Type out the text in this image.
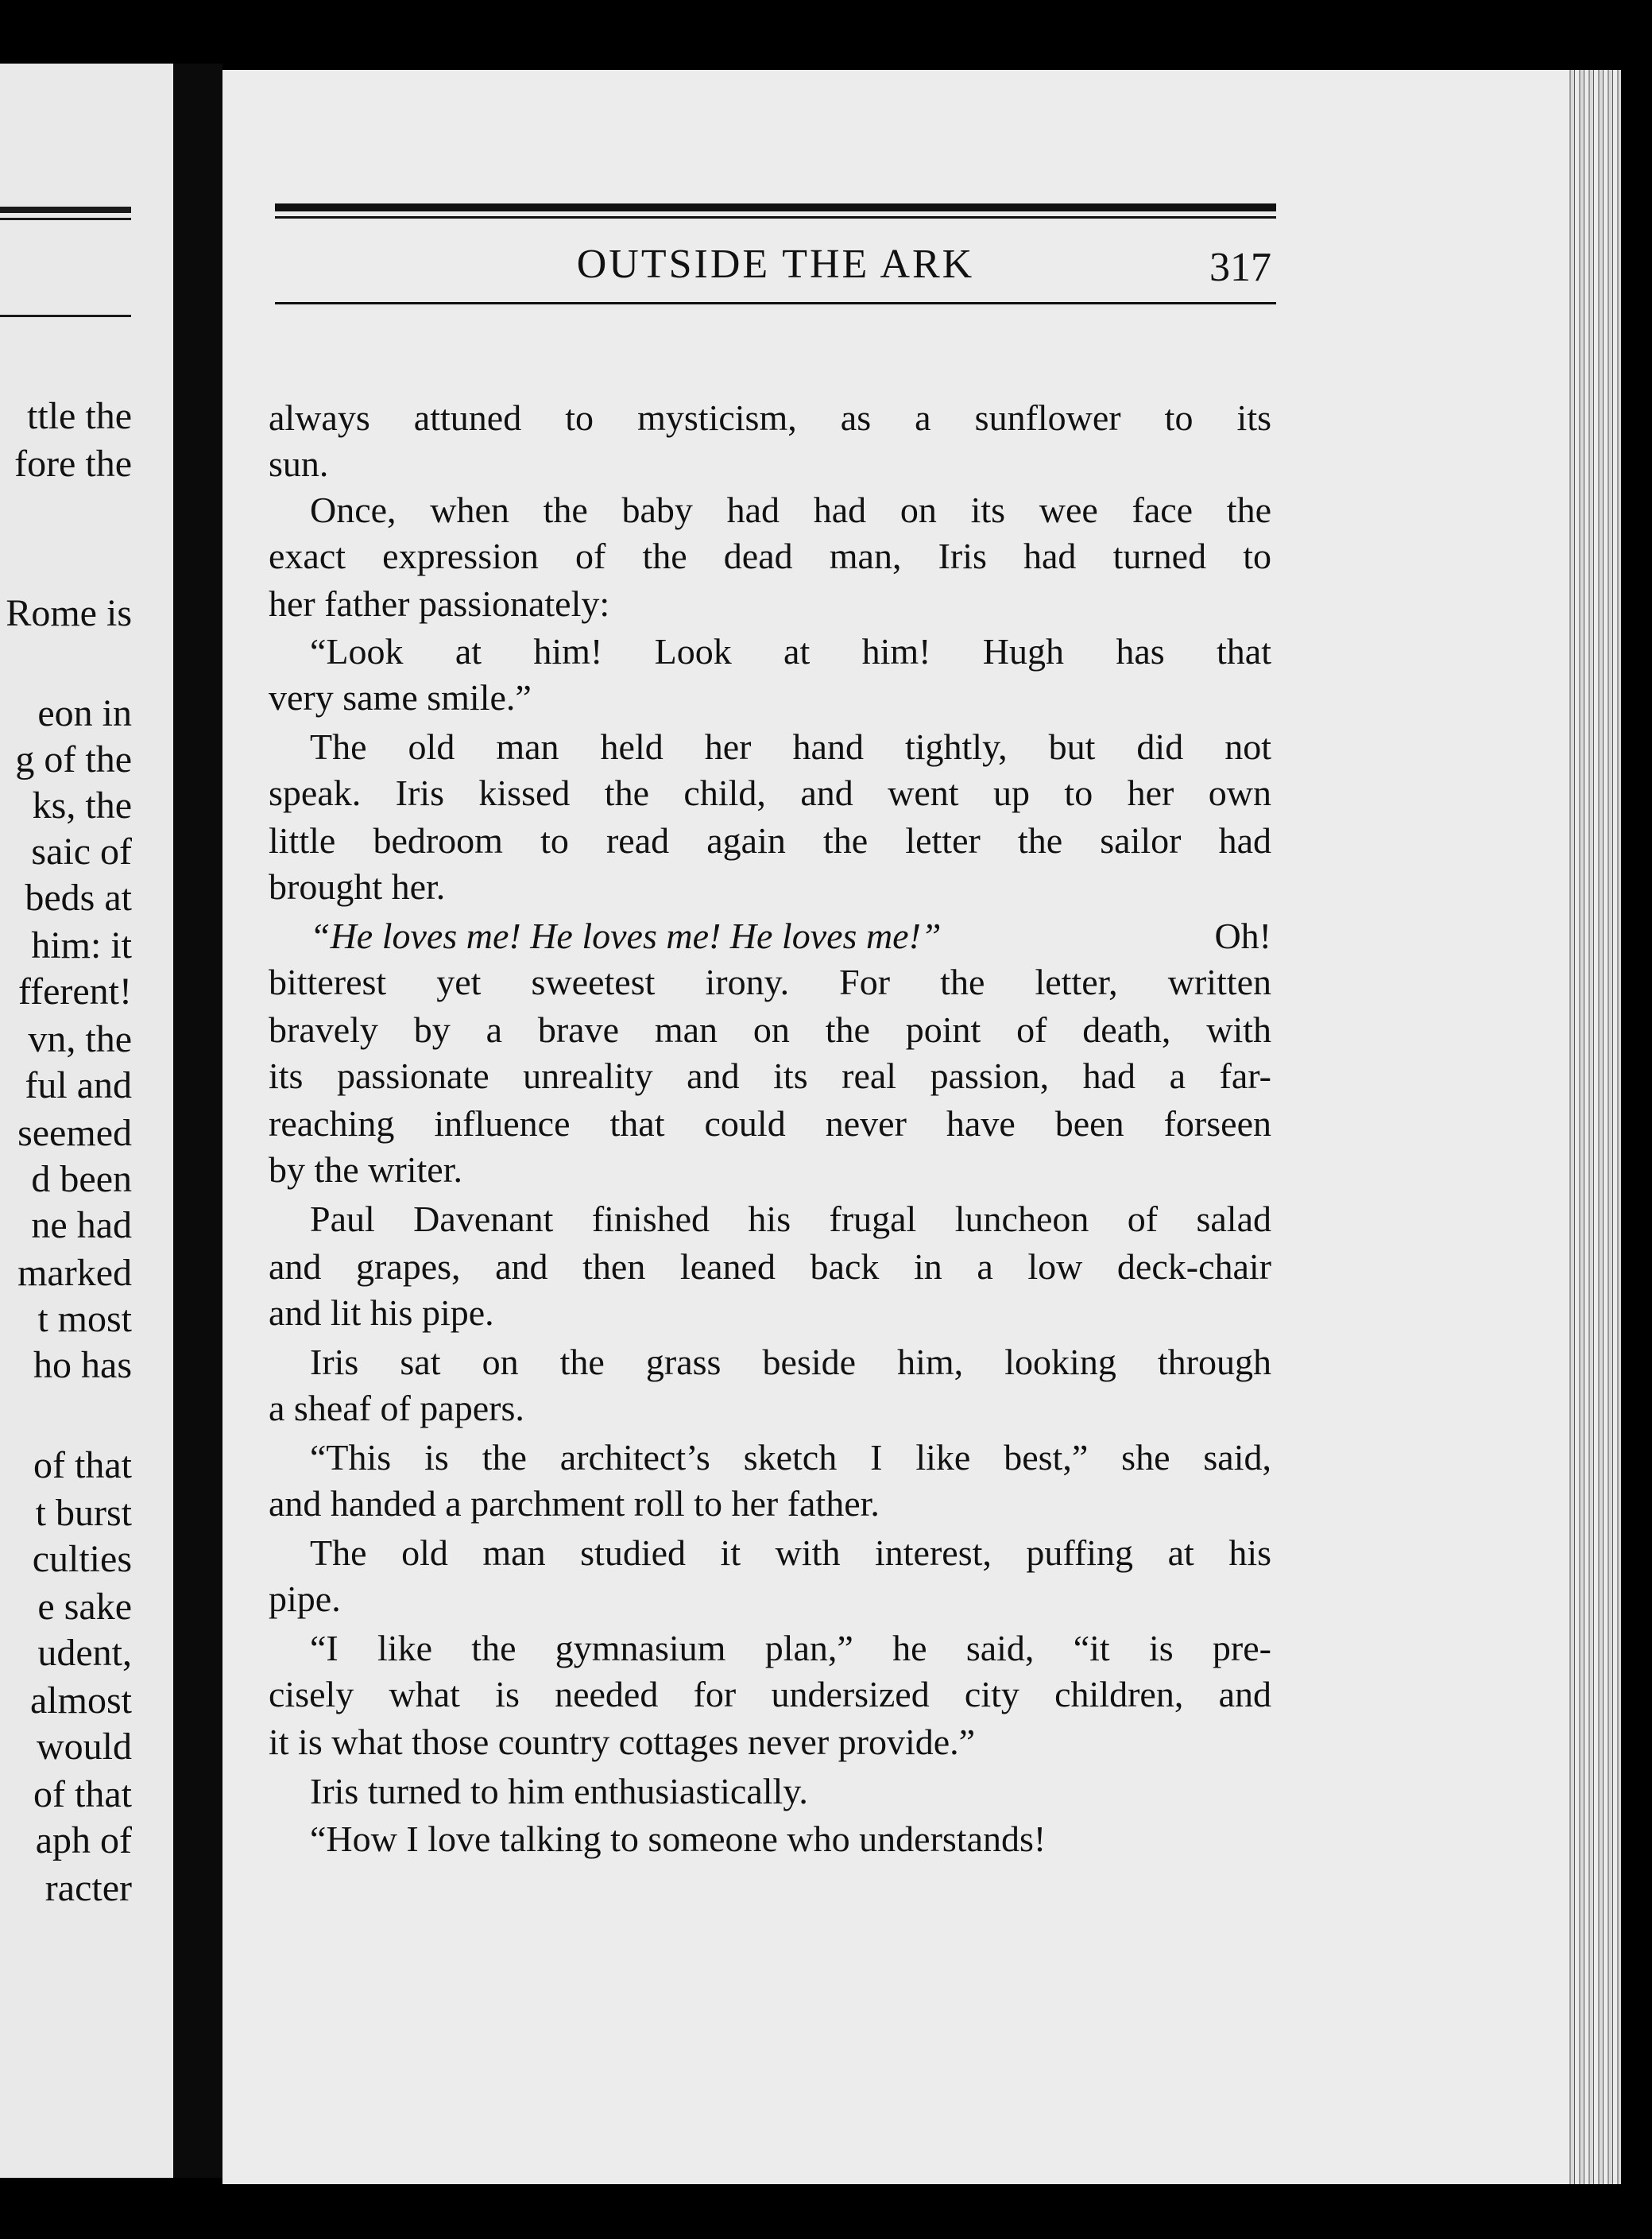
ttle the
fore the
Rome is
eon in
g of the
ks, the
saic of
beds at
him: it
fferent!
vn, the
ful and
seemed
d been
ne had
marked
t most
ho has
of that
t burst
culties
e sake
udent,
almost
would
of that
aph of
racter
OUTSIDE THE ARK	317
always attuned to mysticism, as a sunflower to its
sun.
Once, when the baby had had on its wee face the
exact expression of the dead man, Iris had turned to
her father passionately:
“Look at him! Look at him! Hugh has that
very same smile.”
The old man held her hand tightly, but did not
speak. Iris kissed the child, and went up to her own
little bedroom to read again the letter the sailor had
brought her.
“He loves me! He loves me! He loves me!”	Oh!
bitterest yet sweetest irony. For the letter, written
bravely by a brave man on the point of death, with
its passionate unreality and its real passion, had a far-
reaching influence that could never have been forseen
by the writer.
Paul Davenant finished his frugal luncheon of salad
and grapes, and then leaned back in a low deck-chair
and lit his pipe.
Iris sat on the grass beside him, looking through
a sheaf of papers.
“This is the architect’s sketch I like best,” she said,
and handed a parchment roll to her father.
The old man studied it with interest, puffing at his
pipe.
“I like the gymnasium plan,” he said, “it is pre-
cisely what is needed for undersized city children, and
it is what those country cottages never provide.”
Iris turned to him enthusiastically.
“How I love talking to someone who understands!
